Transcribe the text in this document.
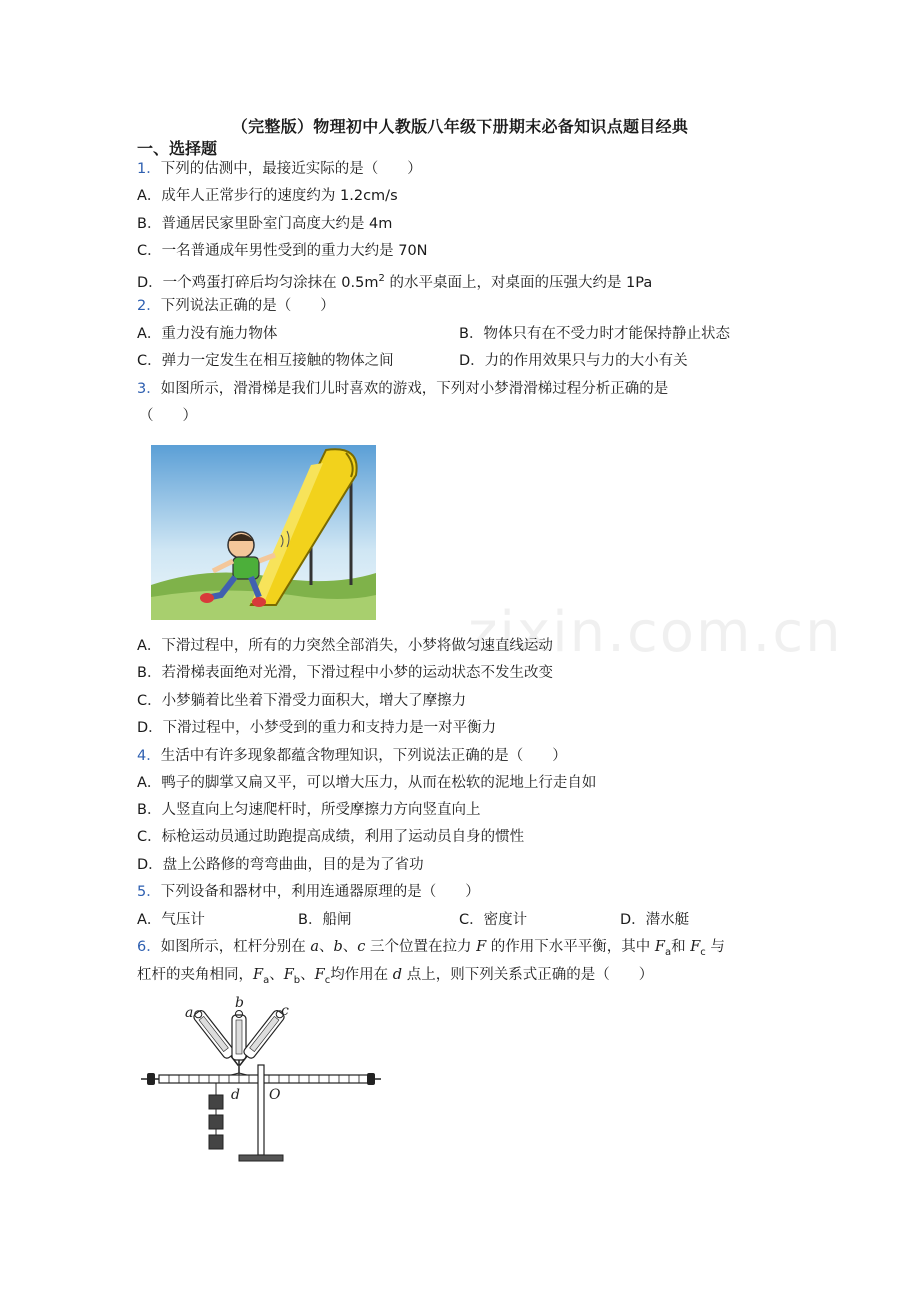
zixin.com.cn
（完整版）物理初中人教版八年级下册期末必备知识点题目经典
一、选择题
1．下列的估测中，最接近实际的是（　　）
A．成年人正常步行的速度约为 1.2cm/s
B．普通居民家里卧室门高度大约是 4m
C．一名普通成年男性受到的重力大约是 70N
D．一个鸡蛋打碎后均匀涂抹在 $0.5m^2$ 的水平桌面上，对桌面的压强大约是 1Pa
2．下列说法正确的是（　　）
A．重力没有施力物体	B．物体只有在不受力时才能保持静止状态
C．弹力一定发生在相互接触的物体之间	D．力的作用效果只与力的大小有关
3．如图所示，滑滑梯是我们儿时喜欢的游戏，下列对小梦滑滑梯过程分析正确的是
（　　）
A．下滑过程中，所有的力突然全部消失，小梦将做匀速直线运动
B．若滑梯表面绝对光滑，下滑过程中小梦的运动状态不发生改变
C．小梦躺着比坐着下滑受力面积大，增大了摩擦力
D．下滑过程中，小梦受到的重力和支持力是一对平衡力
4．生活中有许多现象都蕴含物理知识，下列说法正确的是（　　）
A．鸭子的脚掌又扁又平，可以增大压力，从而在松软的泥地上行走自如
B．人竖直向上匀速爬杆时，所受摩擦力方向竖直向上
C．标枪运动员通过助跑提高成绩，利用了运动员自身的惯性
D．盘上公路修的弯弯曲曲，目的是为了省功
5．下列设备和器材中，利用连通器原理的是（　　）
A．气压计	B．船闸	C．密度计	D．潜水艇
6．如图所示，杠杆分别在 a、b、c 三个位置在拉力 F 的作用下水平平衡，其中 $F_a$和 $F_c$ 与
杠杆的夹角相同，$F_a$、$F_b$、$F_c$均作用在 d 点上，则下列关系式正确的是（　　）
a
b	c
d O
